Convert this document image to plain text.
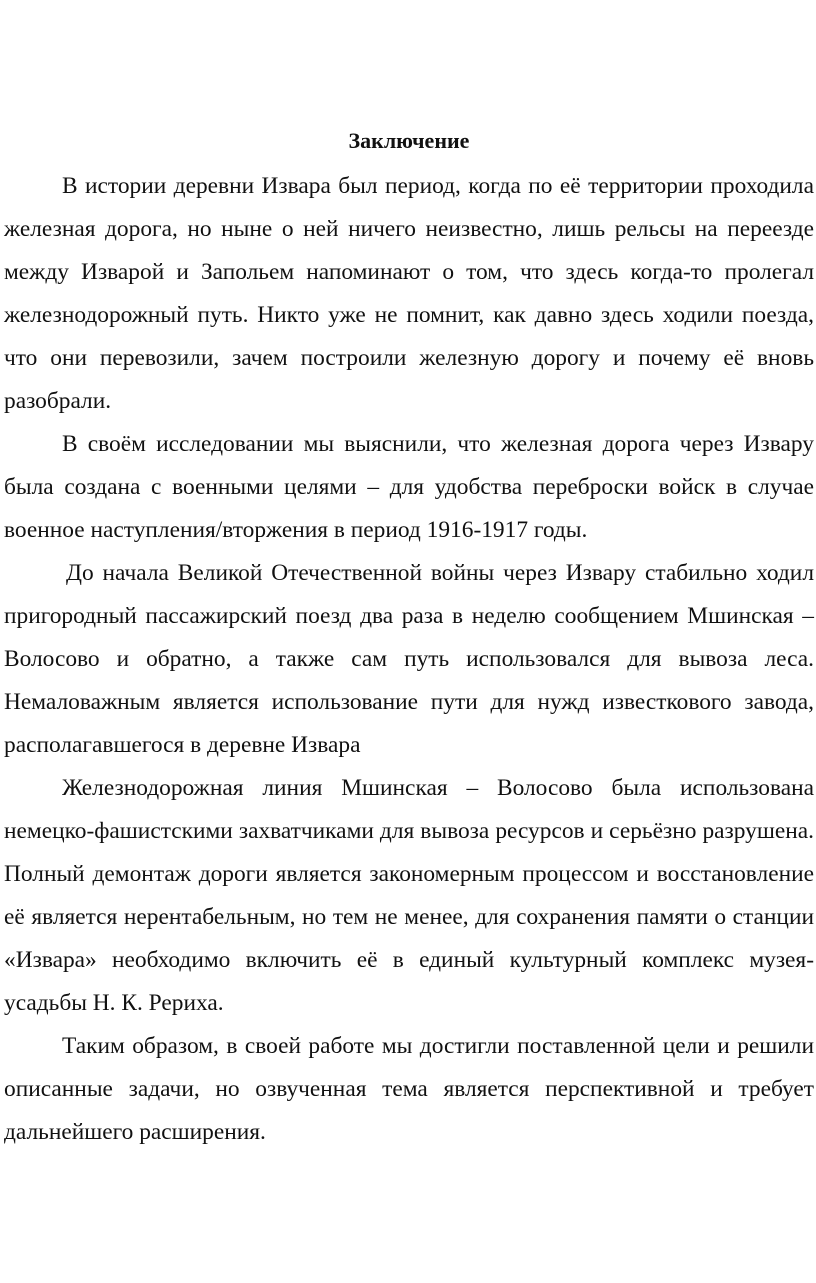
Заключение

В истории деревни Извара был период, когда по её территории проходила железная дорога, но ныне о ней ничего неизвестно, лишь рельсы на переезде между Изварой и Запольем напоминают о том, что здесь когда-то пролегал железнодорожный путь. Никто уже не помнит, как давно здесь ходили поезда, что они перевозили, зачем построили железную дорогу и почему её вновь разобрали.

В своём исследовании мы выяснили, что железная дорога через Извару была создана с военными целями – для удобства переброски войск в случае военное наступления/вторжения в период 1916-1917 годы.

До начала Великой Отечественной войны через Извару стабильно ходил пригородный пассажирский поезд два раза в неделю сообщением Мшинская – Волосово и обратно, а также сам путь использовался для вывоза леса. Немаловажным является использование пути для нужд известкового завода, располагавшегося в деревне Извара

Железнодорожная линия Мшинская – Волосово была использована немецко-фашистскими захватчиками для вывоза ресурсов и серьёзно разрушена. Полный демонтаж дороги является закономерным процессом и восстановление её является нерентабельным, но тем не менее, для сохранения памяти о станции «Извара» необходимо включить её в единый культурный комплекс музея-усадьбы Н. К. Рериха.

Таким образом, в своей работе мы достигли поставленной цели и решили описанные задачи, но озвученная тема является перспективной и требует дальнейшего расширения.
